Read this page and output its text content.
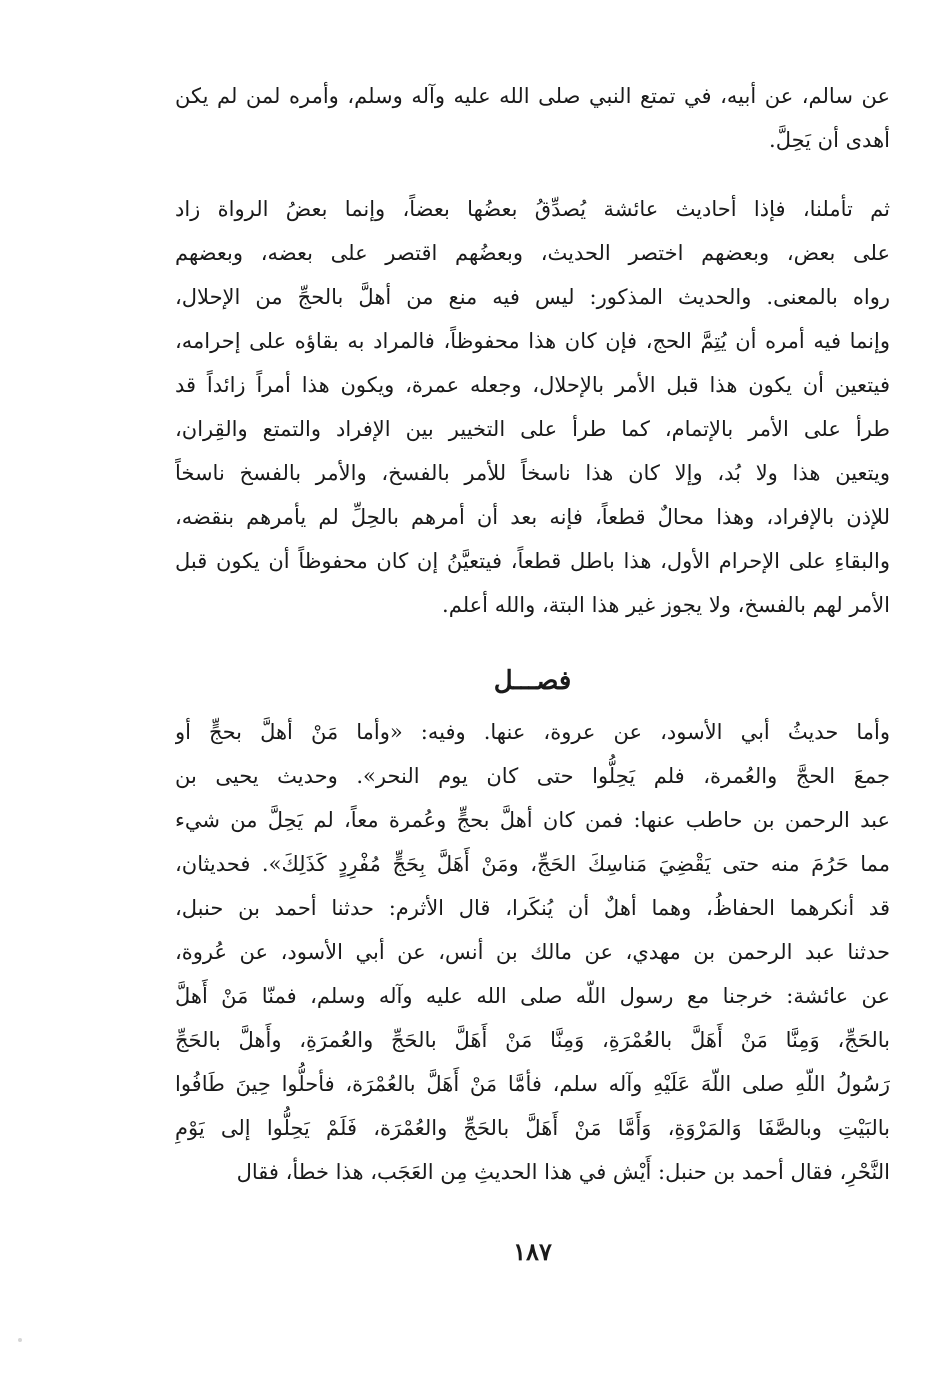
عن سالم، عن أبيه، في تمتع النبي صلى الله عليه وآله وسلم، وأمره لمن لم يكن
أهدى أن يَحِلَّ.
ثم تأملنا، فإذا أحاديث عائشة يُصدِّقُ بعضُها بعضاً، وإنما بعضُ الرواة زاد
على بعض، وبعضهم اختصر الحديث، وبعضُهم اقتصر على بعضه، وبعضهم
رواه بالمعنى. والحديث المذكور: ليس فيه منع من أهلَّ بالحجِّ من الإحلال،
وإنما فيه أمره أن يُتِمَّ الحج، فإن كان هذا محفوظاً، فالمراد به بقاؤه على إحرامه،
فيتعين أن يكون هذا قبل الأمر بالإحلال، وجعله عمرة، ويكون هذا أمراً زائداً قد
طرأ على الأمر بالإتمام، كما طرأ على التخيير بين الإفراد والتمتع والقِران،
ويتعين هذا ولا بُد، وإلا كان هذا ناسخاً للأمر بالفسخ، والأمر بالفسخ ناسخاً
للإذن بالإفراد، وهذا محالٌ قطعاً، فإنه بعد أن أمرهم بالحِلِّ لم يأمرهم بنقضه،
والبقاءِ على الإحرام الأول، هذا باطل قطعاً، فيتعيَّنُ إن كان محفوظاً أن يكون قبل
الأمر لهم بالفسخ، ولا يجوز غير هذا البتة، والله أعلم.
فصـــل
وأما حديثُ أبي الأسود، عن عروة، عنها. وفيه: «وأما مَنْ أهلَّ بحجٍّ أو
جمعَ الحجَّ والعُمرة، فلم يَحِلُّوا حتى كان يوم النحر». وحديث يحيى بن
عبد الرحمن بن حاطب عنها: فمن كان أهلَّ بحجٍّ وعُمرة معاً، لم يَحِلَّ من شيء
مما حَرُمَ منه حتى يَقْضِيَ مَناسِكَ الحَجِّ، ومَنْ أَهَلَّ بِحَجٍّ مُفْرِدٍ كَذَلِكَ». فحديثان،
قد أنكرهما الحفاظُ، وهما أهلٌ أن يُنكَرا، قال الأثرم: حدثنا أحمد بن حنبل،
حدثنا عبد الرحمن بن مهدي، عن مالك بن أنس، عن أبي الأسود، عن عُروة،
عن عائشة: خرجنا مع رسول اللّه صلى الله عليه وآله وسلم، فمنّا مَنْ أَهلَّ
بالحَجِّ، وَمِنَّا مَنْ أَهَلَّ بالعُمْرَةِ، وَمِنَّا مَنْ أَهَلَّ بالحَجِّ والعُمرَةِ، وأَهلَّ بالحَجِّ
رَسُولُ اللّهِ صلى اللّهَ عَلَيْهِ وآله سلم، فأمَّا مَنْ أَهَلَّ بالعُمْرَة، فأحلُّوا حِينَ طَافُوا
بالبَيْتِ وبالصَّفَا وَالمَرْوَةِ، وَأَمَّا مَنْ أَهَلَّ بالحَجِّ والعُمْرَة، فَلَمْ يَحِلُّوا إلى يَوْمِ
النَّحْرِ، فقال أحمد بن حنبل: أَيْش في هذا الحديثِ مِن العَجَب، هذا خطأ، فقال
١٨٧
